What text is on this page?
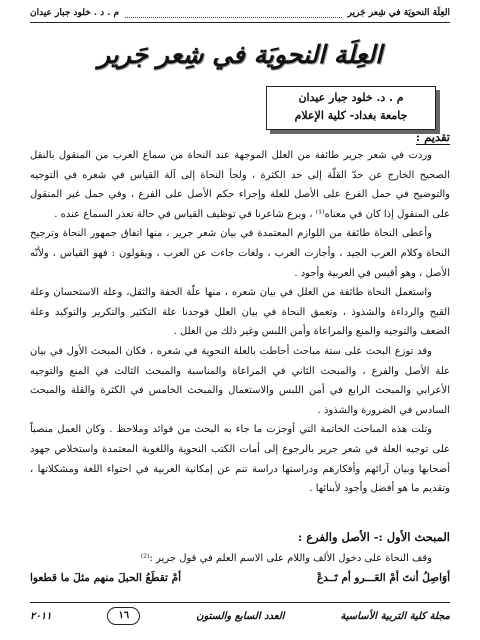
العِلَة النحويَة في شِعر جَرير
م . د . خلود جبار عيدان
العِلَة النحويَة في شِعر جَرير
م . د. خلود جبار عيدان
جامعة بغداد- كلية الإعلام
تقديم :

وردت في شعر جرير طائفة من العلل الموجهة عند النحاة من سماع العرب من المنقول بالنقل الصحيح الخارج عن حدّ القلّة إلى حد الكثرة ، ولجأ النحاة إلى آلة القياس في شعره في التوجيه والتوضيح في حمل الفرع على الأصل للعلة وإجراء حكم الأصل على الفرع ، وفي حمل غير المنقول على المنقول إذا كان في معناه⁽¹⁾ ، وبرع شاعرنا في توظيف القياس في حالة تعذر السماع عنده .

وأعطى النحاة طائفة من اللوازم المعتمدة في بيان شعر جرير ، منها اتفاق جمهور النحاة وترجيح النحاة وكلام العرب الجيد ، وأجازت العرب ، ولغات جاءت عن العرب ، ويقولون : فهو القياس ، ولأنّه الأصل ، وهو أقيس في العربية وأجود .

واستعمل النحاة طائفة من العلل في بيان شعره ، منها علّة الخفة والثقل، وعلة الاستحسان وعلة القبح والرداءة والشذوذ ، وتعمق النحاة في بيان العلل فوجدنا علة التكثير والتكرير والتوكيد وعلة الضعف والتوجيه والمنع والمراعاة وأمن اللبس وغير ذلك من العلل .

وقد توزع البحث على ستة مباحث أحاطت بالعلة النحوية في شعره ، فكان المبحث الأول في بيان علة الأصل والفرع ، والمبحث الثاني في المراعاة والمناسبة والمبحث الثالث في المنع والتوجيه الأعرابي والمبحث الرابع في أمن اللبس والاستعمال والمبحث الخامس في الكثرة والقلة والمبحث السادس في الضرورة والشذوذ .

وتلت هذه المباحث الخاتمة التي أوجزت ما جاء به البحث من فوائد وملاحظ . وكان العمل منصباً على توجيه العلة في شعر جرير بالرجوع إلى أمات الكتب النحوية واللغوية المعتمدة واستخلاص جهود أصحابها وبيان آرائهم وأفكارهم ودراستها دراسة تنم عن إمكانية العربية في احتواء اللغة ومشكلاتها ، وتقديم ما هو أفضل وأجود لأبنائها .

المبحث الأول :- الأصل والفرع :

وقف النحاة على دخول الألف واللام على الاسم العلم في قول جرير :⁽²⁾

أوَاصِلُ أنتَ أمْ العَـــرو أم تَــدعْ
أمْ تقطَعُ الحبلَ منهم مثلَ ما قطعوا
مجلة كلية التربية الأساسية
العدد السابع والستون
١٦
٢٠١١
